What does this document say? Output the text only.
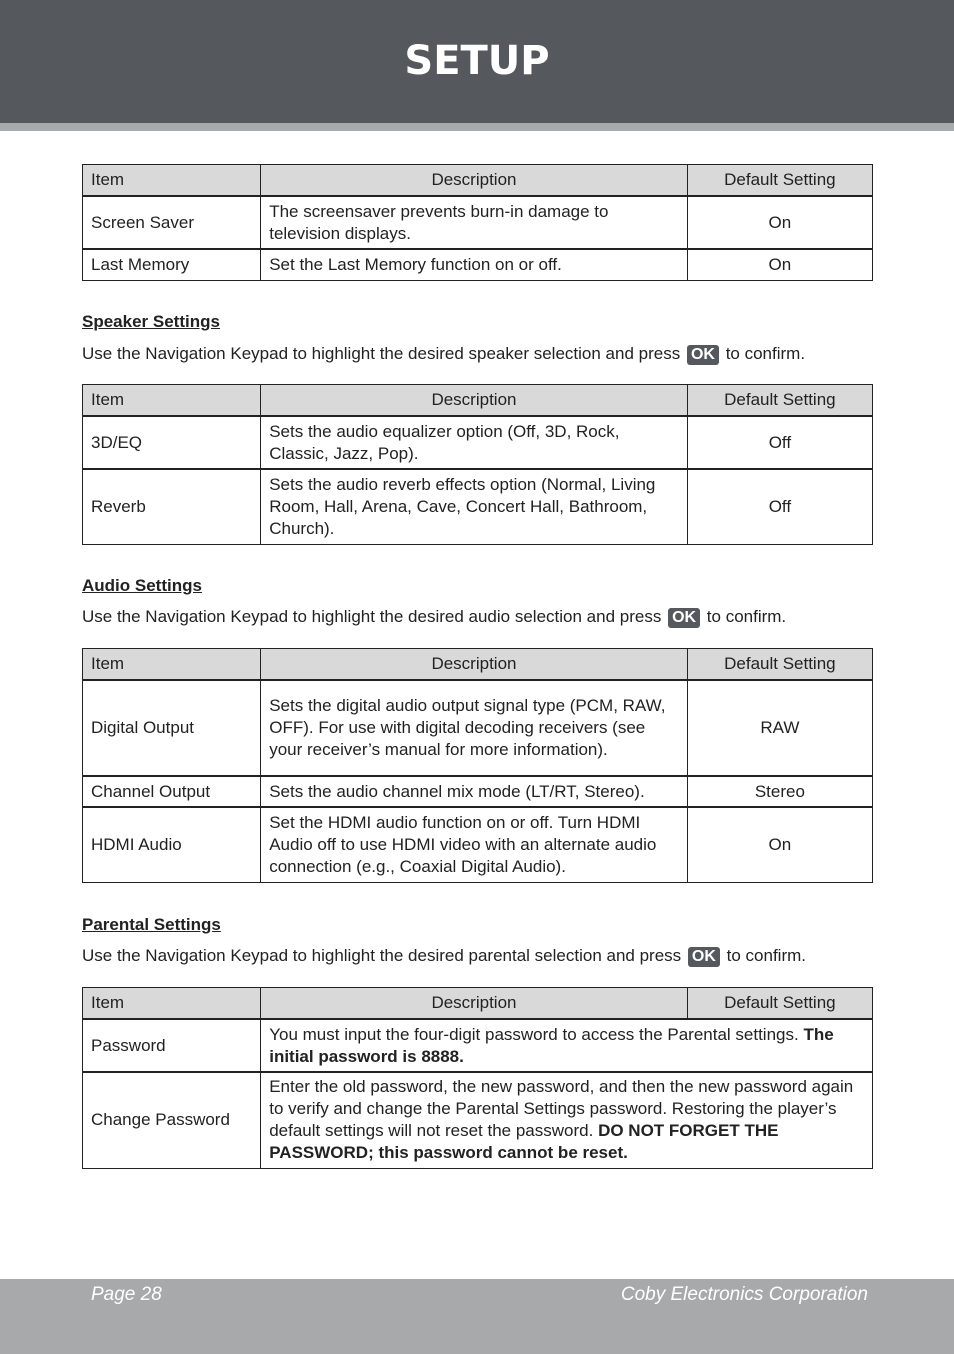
SETUP
Item	Description	Default Setting
Screen Saver	The screensaver prevents burn-in damage to television displays.	On
Last Memory	Set the Last Memory function on or off.	On
Speaker Settings
Use the Navigation Keypad to highlight the desired speaker selection and press OK to confirm.
Item	Description	Default Setting
3D/EQ	Sets the audio equalizer option (Off, 3D, Rock, Classic, Jazz, Pop).	Off
Reverb	Sets the audio reverb effects option (Normal, Living Room, Hall, Arena, Cave, Concert Hall, Bathroom, Church).	Off
Audio Settings
Use the Navigation Keypad to highlight the desired audio selection and press OK to confirm.
Item	Description	Default Setting
Digital Output	Sets the digital audio output signal type (PCM, RAW, OFF). For use with digital decoding receivers (see your receiver’s manual for more information).	RAW
Channel Output	Sets the audio channel mix mode (LT/RT, Stereo).	Stereo
HDMI Audio	Set the HDMI audio function on or off. Turn HDMI Audio off to use HDMI video with an alternate audio connection (e.g., Coaxial Digital Audio).	On
Parental Settings
Use the Navigation Keypad to highlight the desired parental selection and press OK to confirm.
Item	Description	Default Setting
Password	You must input the four-digit password to access the Parental settings. The initial password is 8888.	
Change Password	Enter the old password, the new password, and then the new password again to verify and change the Parental Settings password. Restoring the player’s default settings will not reset the password. DO NOT FORGET THE PASSWORD; this password cannot be reset.	
Page 28	Coby Electronics Corporation
